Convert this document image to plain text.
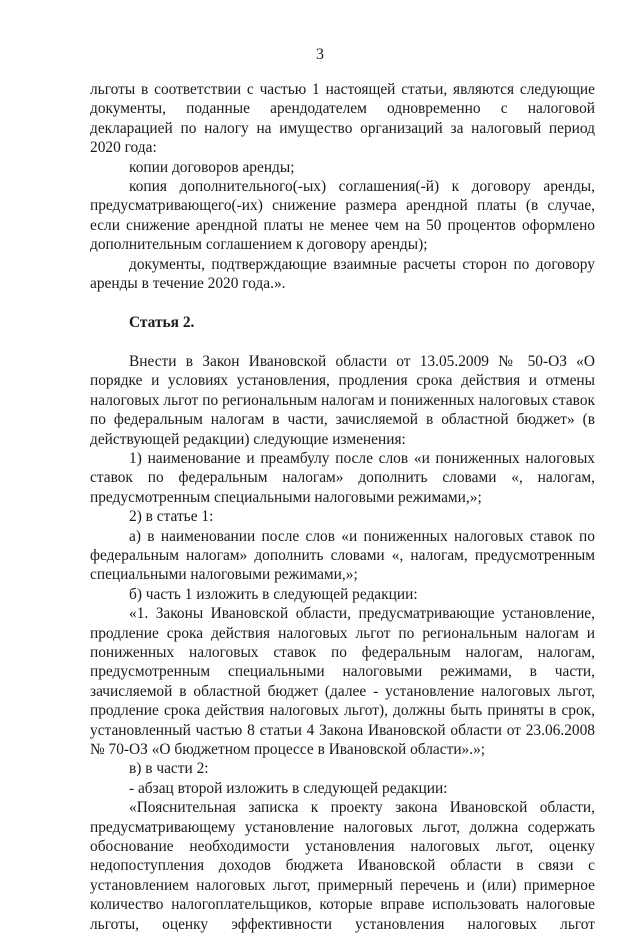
3

льготы в соответствии с частью 1 настоящей статьи, являются следующие документы, поданные арендодателем одновременно с налоговой декларацией по налогу на имущество организаций за налоговый период 2020 года:

копии договоров аренды;

копия дополнительного(-ых) соглашения(-й) к договору аренды, предусматривающего(-их) снижение размера арендной платы (в случае, если снижение арендной платы не менее чем на 50 процентов оформлено дополнительным соглашением к договору аренды);

документы, подтверждающие взаимные расчеты сторон по договору аренды в течение 2020 года.».

Статья 2.

Внести в Закон Ивановской области от 13.05.2009 № 50-ОЗ «О порядке и условиях установления, продления срока действия и отмены налоговых льгот по региональным налогам и пониженных налоговых ставок по федеральным налогам в части, зачисляемой в областной бюджет» (в действующей редакции) следующие изменения:

1) наименование и преамбулу после слов «и пониженных налоговых ставок по федеральным налогам» дополнить словами «, налогам, предусмотренным специальными налоговыми режимами,»;

2) в статье 1:

а) в наименовании после слов «и пониженных налоговых ставок по федеральным налогам» дополнить словами «, налогам, предусмотренным специальными налоговыми режимами,»;

б) часть 1 изложить в следующей редакции:

«1. Законы Ивановской области, предусматривающие установление, продление срока действия налоговых льгот по региональным налогам и пониженных налоговых ставок по федеральным налогам, налогам, предусмотренным специальными налоговыми режимами, в части, зачисляемой в областной бюджет (далее - установление налоговых льгот, продление срока действия налоговых льгот), должны быть приняты в срок, установленный частью 8 статьи 4 Закона Ивановской области от 23.06.2008 № 70-ОЗ «О бюджетном процессе в Ивановской области».»;

в) в части 2:

- абзац второй изложить в следующей редакции:

«Пояснительная записка к проекту закона Ивановской области, предусматривающему установление налоговых льгот, должна содержать обоснование необходимости установления налоговых льгот, оценку недопоступления доходов бюджета Ивановской области в связи с установлением налоговых льгот, примерный перечень и (или) примерное количество налогоплательщиков, которые вправе использовать налоговые льготы, оценку эффективности установления налоговых льгот
